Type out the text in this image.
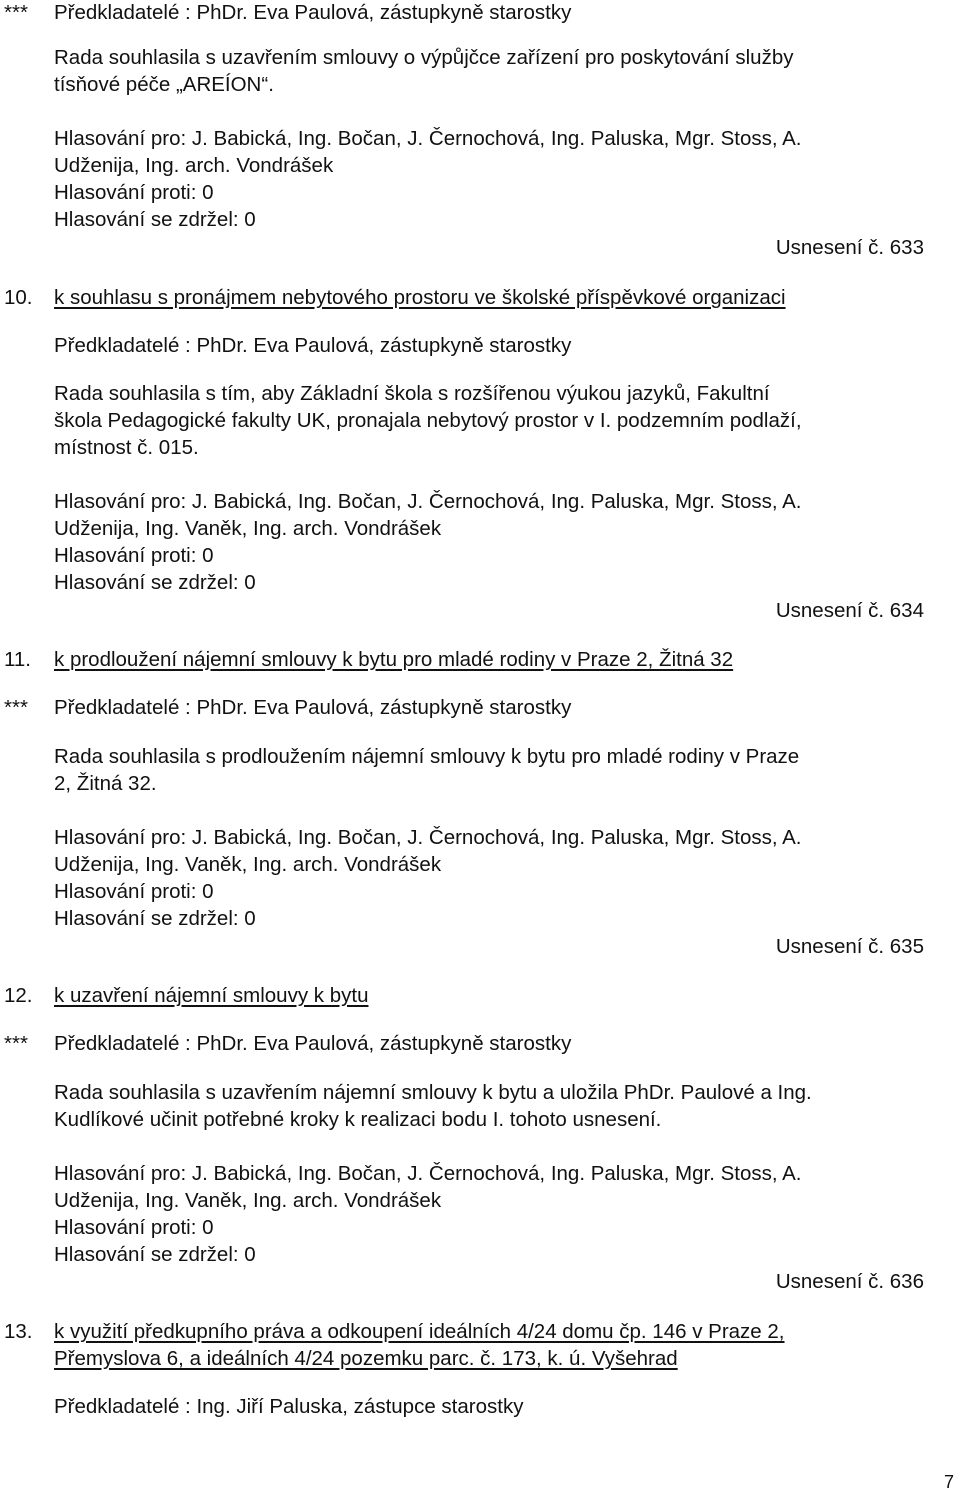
*** Předkladatelé : PhDr. Eva Paulová, zástupkyně starostky
Rada souhlasila s uzavřením smlouvy o výpůjčce zařízení pro poskytování služby
tísňové péče „AREÍON“.
Hlasování pro: J. Babická, Ing. Bočan, J. Černochová, Ing. Paluska, Mgr. Stoss, A.
Udženija, Ing. arch. Vondrášek
Hlasování proti: 0
Hlasování se zdržel: 0
Usnesení č. 633
10. k souhlasu s pronájmem nebytového prostoru ve školské příspěvkové organizaci
Předkladatelé : PhDr. Eva Paulová, zástupkyně starostky
Rada souhlasila s tím, aby Základní škola s rozšířenou výukou jazyků, Fakultní
škola Pedagogické fakulty UK, pronajala nebytový prostor v I. podzemním podlaží,
místnost č. 015.
Hlasování pro: J. Babická, Ing. Bočan, J. Černochová, Ing. Paluska, Mgr. Stoss, A.
Udženija, Ing. Vaněk, Ing. arch. Vondrášek
Hlasování proti: 0
Hlasování se zdržel: 0
Usnesení č. 634
11. k prodloužení nájemní smlouvy k bytu pro mladé rodiny v Praze 2, Žitná 32
*** Předkladatelé : PhDr. Eva Paulová, zástupkyně starostky
Rada souhlasila s prodloužením nájemní smlouvy k bytu pro mladé rodiny v Praze
2, Žitná 32.
Hlasování pro: J. Babická, Ing. Bočan, J. Černochová, Ing. Paluska, Mgr. Stoss, A.
Udženija, Ing. Vaněk, Ing. arch. Vondrášek
Hlasování proti: 0
Hlasování se zdržel: 0
Usnesení č. 635
12. k uzavření nájemní smlouvy k bytu
*** Předkladatelé : PhDr. Eva Paulová, zástupkyně starostky
Rada souhlasila s uzavřením nájemní smlouvy k bytu a uložila PhDr. Paulové a Ing.
Kudlíkové učinit potřebné kroky k realizaci bodu I. tohoto usnesení.
Hlasování pro: J. Babická, Ing. Bočan, J. Černochová, Ing. Paluska, Mgr. Stoss, A.
Udženija, Ing. Vaněk, Ing. arch. Vondrášek
Hlasování proti: 0
Hlasování se zdržel: 0
Usnesení č. 636
13. k využití předkupního práva a odkoupení ideálních 4/24 domu čp. 146 v Praze 2,
Přemyslova 6, a ideálních 4/24 pozemku parc. č. 173, k. ú. Vyšehrad
Předkladatelé : Ing. Jiří Paluska, zástupce starostky
7
